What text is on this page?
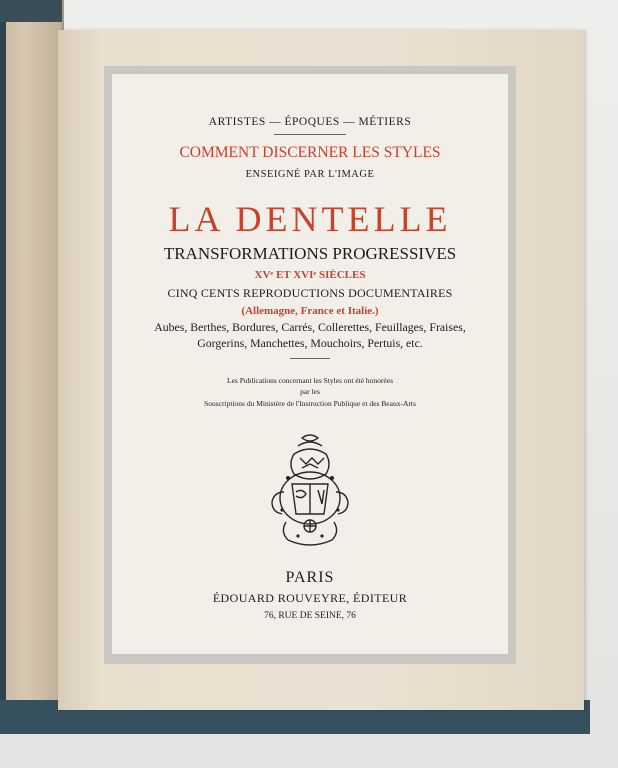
ARTISTES — ÉPOQUES — MÉTIERS
COMMENT DISCERNER LES STYLES
ENSEIGNÉ PAR L'IMAGE
LA DENTELLE
TRANSFORMATIONS PROGRESSIVES
XVᵉ ET XVIᵉ SIÈCLES
CINQ CENTS REPRODUCTIONS DOCUMENTAIRES
(Allemagne, France et Italie.)
Aubes, Berthes, Bordures, Carrés, Collerettes, Feuillages, Fraises,
Gorgerins, Manchettes, Mouchoirs, Pertuis, etc.
Les Publications concernant les Styles ont été honorées
par les
Souscriptions du Ministère de l'Instruction Publique et des Beaux-Arts
PARIS
ÉDOUARD ROUVEYRE, ÉDITEUR
76, RUE DE SEINE, 76
